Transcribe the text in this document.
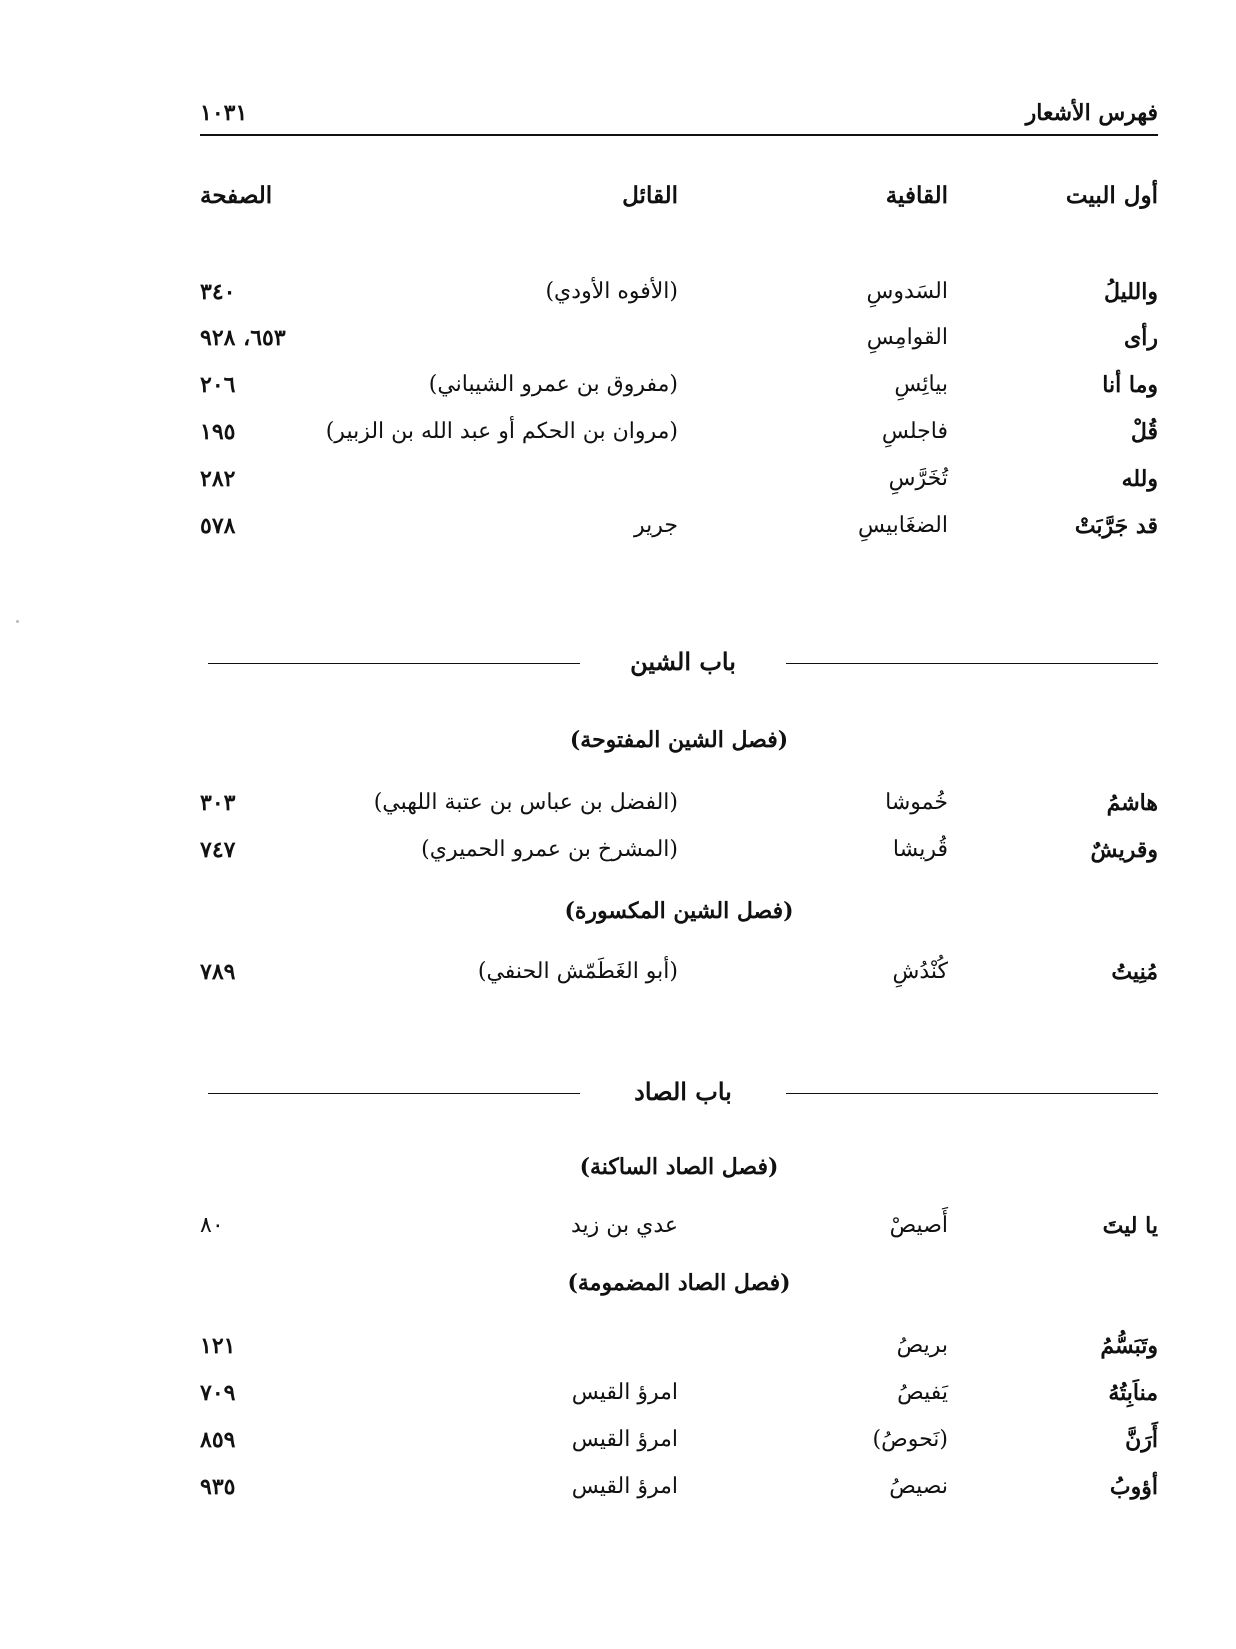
فهرس الأشعار
١٠٣١
أول البيت
القافية
القائل
الصفحة
والليلُ
السَدوسِ
(الأفوه الأودي)
٣٤٠
رأى
القوامِسِ
٦٥٣، ٩٢٨
وما أنا
بيائِسِ
(مفروق بن عمرو الشيباني)
٢٠٦
قُلْ
فاجلسِ
(مروان بن الحكم أو عبد الله بن الزبير)
١٩٥
ولله
تُخَرَّسِ
٢٨٢
قد جَرَّبَتْ
الضغَابيسِ
جرير
٥٧٨
باب الشين
(فصل الشين المفتوحة)
هاشمُ
خُموشا
(الفضل بن عباس بن عتبة اللهبي)
٣٠٣
وقريشٌ
قُريشا
(المشرخ بن عمرو الحميري)
٧٤٧
(فصل الشين المكسورة)
مُنِيتُ
كُنْدُشِ
(أبو الغَطَمّش الحنفي)
٧٨٩
باب الصاد
(فصل الصاد الساكنة)
يا ليتَ
أَصيصْ
عدي بن زيد
٨٠
(فصل الصاد المضمومة)
وتَبَسُّمُ
بريصُ
١٢١
مناَبِتُهُ
يَفيصُ
امرؤ القيس
٧٠٩
أَرَنَّ
(نَحوصُ)
امرؤ القيس
٨٥٩
أؤوبُ
نصيصُ
امرؤ القيس
٩٣٥
